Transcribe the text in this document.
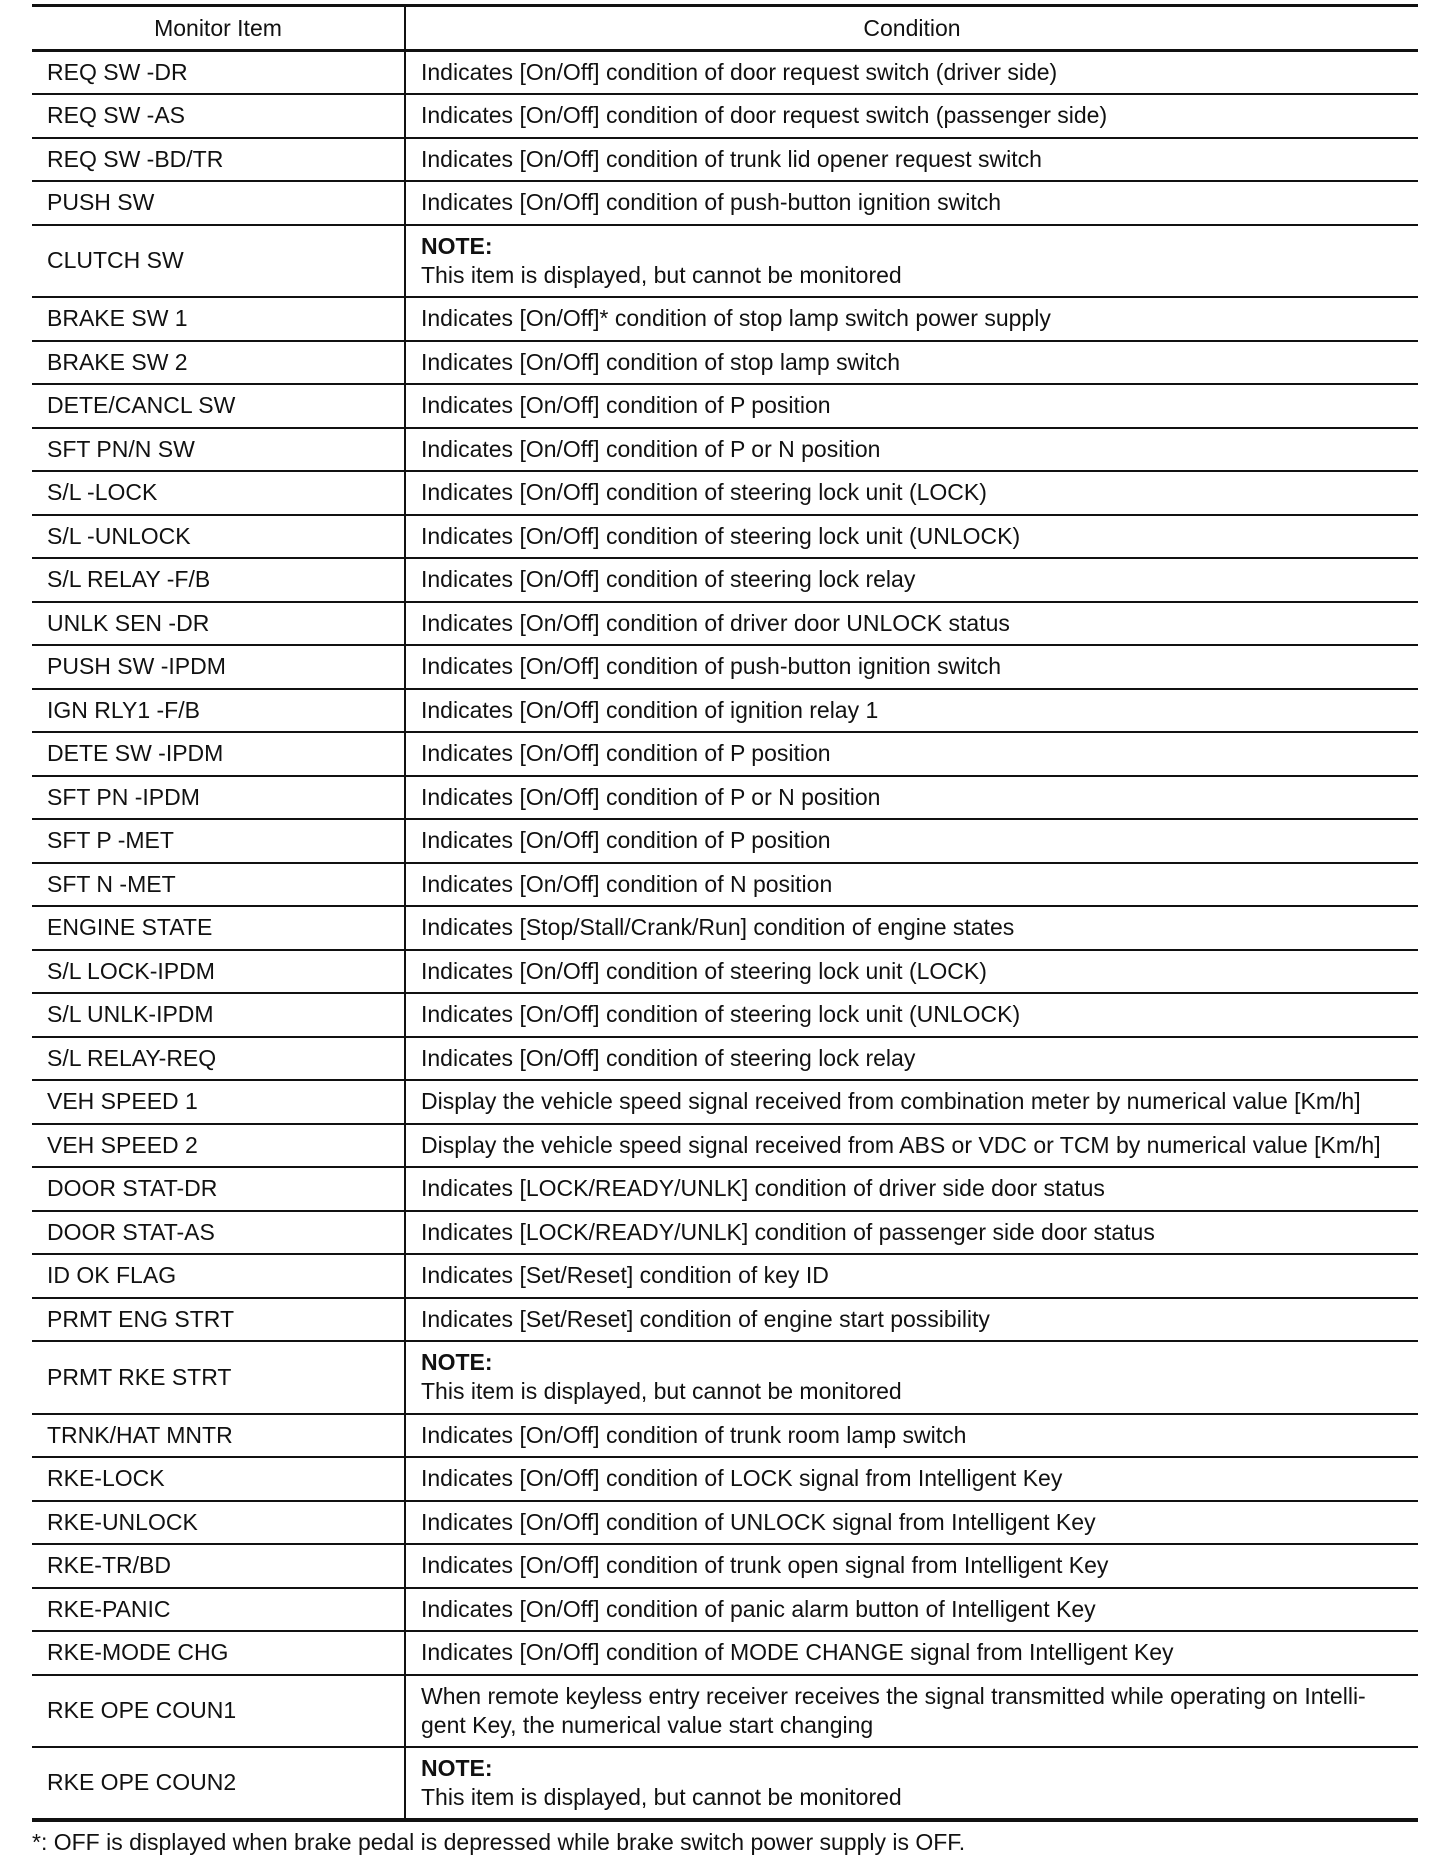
Monitor Item	Condition
REQ SW -DR	Indicates [On/Off] condition of door request switch (driver side)
REQ SW -AS	Indicates [On/Off] condition of door request switch (passenger side)
REQ SW -BD/TR	Indicates [On/Off] condition of trunk lid opener request switch
PUSH SW	Indicates [On/Off] condition of push-button ignition switch
CLUTCH SW	NOTE:
This item is displayed, but cannot be monitored

BRAKE SW 1	Indicates [On/Off]* condition of stop lamp switch power supply
BRAKE SW 2	Indicates [On/Off] condition of stop lamp switch
DETE/CANCL SW	Indicates [On/Off] condition of P position
SFT PN/N SW	Indicates [On/Off] condition of P or N position
S/L -LOCK	Indicates [On/Off] condition of steering lock unit (LOCK)
S/L -UNLOCK	Indicates [On/Off] condition of steering lock unit (UNLOCK)
S/L RELAY -F/B	Indicates [On/Off] condition of steering lock relay
UNLK SEN -DR	Indicates [On/Off] condition of driver door UNLOCK status
PUSH SW -IPDM	Indicates [On/Off] condition of push-button ignition switch
IGN RLY1 -F/B	Indicates [On/Off] condition of ignition relay 1
DETE SW -IPDM	Indicates [On/Off] condition of P position
SFT PN -IPDM	Indicates [On/Off] condition of P or N position
SFT P -MET	Indicates [On/Off] condition of P position
SFT N -MET	Indicates [On/Off] condition of N position
ENGINE STATE	Indicates [Stop/Stall/Crank/Run] condition of engine states
S/L LOCK-IPDM	Indicates [On/Off] condition of steering lock unit (LOCK)
S/L UNLK-IPDM	Indicates [On/Off] condition of steering lock unit (UNLOCK)
S/L RELAY-REQ	Indicates [On/Off] condition of steering lock relay
VEH SPEED 1	Display the vehicle speed signal received from combination meter by numerical value [Km/h]
VEH SPEED 2	Display the vehicle speed signal received from ABS or VDC or TCM by numerical value [Km/h]
DOOR STAT-DR	Indicates [LOCK/READY/UNLK] condition of driver side door status
DOOR STAT-AS	Indicates [LOCK/READY/UNLK] condition of passenger side door status
ID OK FLAG	Indicates [Set/Reset] condition of key ID
PRMT ENG STRT	Indicates [Set/Reset] condition of engine start possibility
PRMT RKE STRT	NOTE:
This item is displayed, but cannot be monitored

TRNK/HAT MNTR	Indicates [On/Off] condition of trunk room lamp switch
RKE-LOCK	Indicates [On/Off] condition of LOCK signal from Intelligent Key
RKE-UNLOCK	Indicates [On/Off] condition of UNLOCK signal from Intelligent Key
RKE-TR/BD	Indicates [On/Off] condition of trunk open signal from Intelligent Key
RKE-PANIC	Indicates [On/Off] condition of panic alarm button of Intelligent Key
RKE-MODE CHG	Indicates [On/Off] condition of MODE CHANGE signal from Intelligent Key
RKE OPE COUN1	When remote keyless entry receiver receives the signal transmitted while operating on Intelli-
gent Key, the numerical value start changing

RKE OPE COUN2	NOTE:
This item is displayed, but cannot be monitored
*: OFF is displayed when brake pedal is depressed while brake switch power supply is OFF.
